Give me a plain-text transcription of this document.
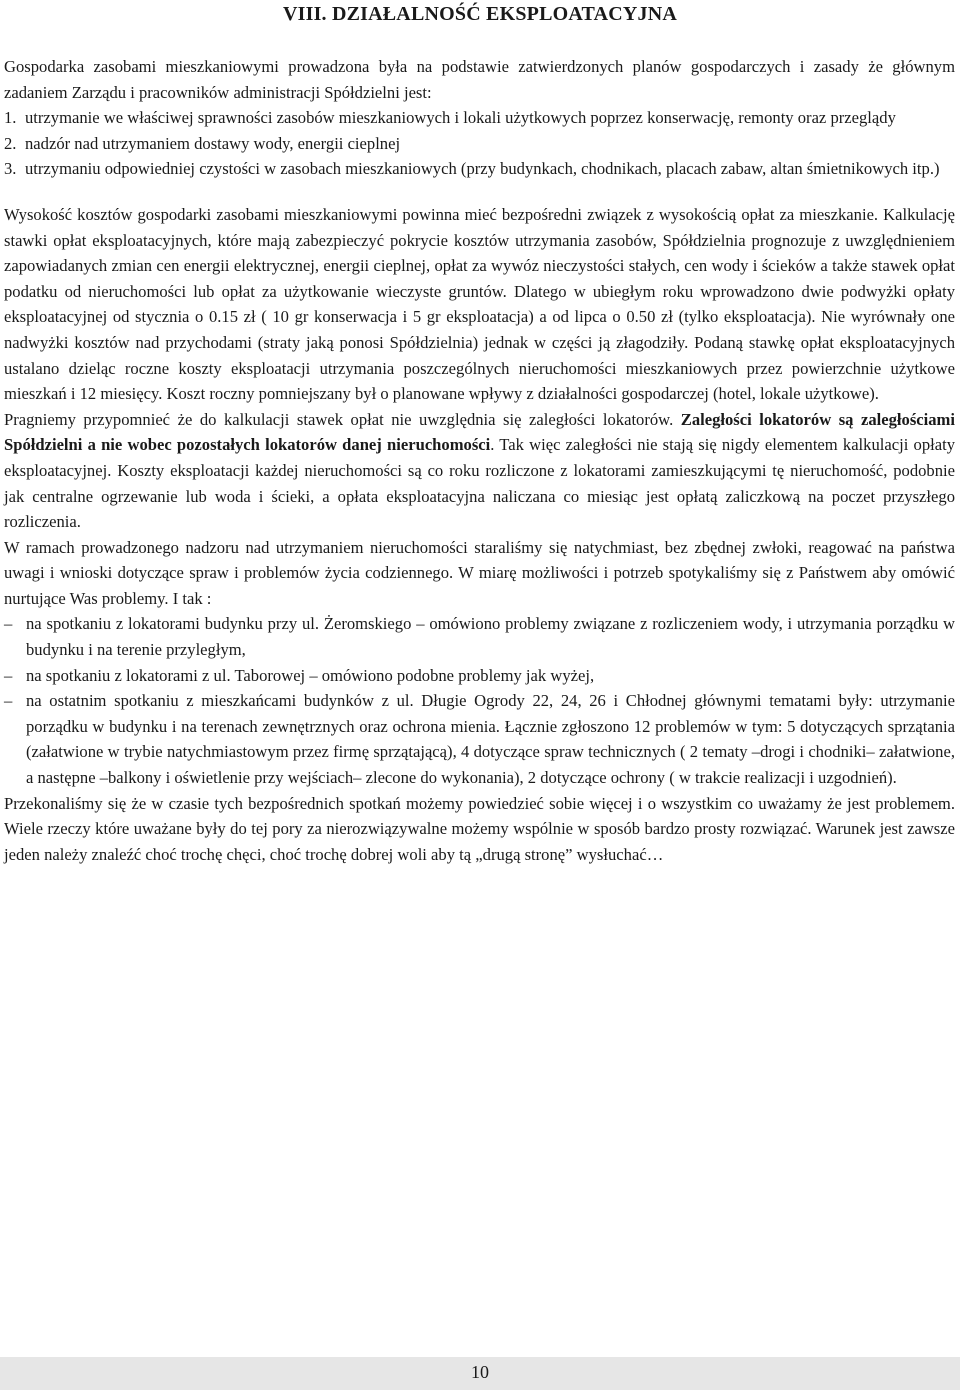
VIII. DZIAŁALNOŚĆ EKSPLOATACYJNA

Gospodarka zasobami mieszkaniowymi prowadzona była na podstawie zatwierdzonych planów gospodarczych i zasady że głównym zadaniem Zarządu i pracowników administracji Spółdzielni jest:

1. utrzymanie we właściwej sprawności zasobów mieszkaniowych i lokali użytkowych poprzez konserwację, remonty oraz przeglądy

2. nadzór nad utrzymaniem dostawy wody, energii cieplnej

3. utrzymaniu odpowiedniej czystości w zasobach mieszkaniowych (przy budynkach, chodnikach, placach zabaw, altan śmietnikowych itp.)

Wysokość kosztów gospodarki zasobami mieszkaniowymi powinna mieć bezpośredni związek z wysokością opłat za mieszkanie. Kalkulację stawki opłat eksploatacyjnych, które mają zabezpieczyć pokrycie kosztów utrzymania zasobów, Spółdzielnia prognozuje z uwzględnieniem zapowiadanych zmian cen energii elektrycznej, energii cieplnej, opłat za wywóz nieczystości stałych, cen wody i ścieków a także stawek opłat podatku od nieruchomości lub opłat za użytkowanie wieczyste gruntów. Dlatego w ubiegłym roku wprowadzono dwie podwyżki opłaty eksploatacyjnej od stycznia o 0.15 zł ( 10 gr konserwacja i 5 gr eksploatacja) a od lipca o 0.50 zł (tylko eksploatacja). Nie wyrównały one nadwyżki kosztów nad przychodami (straty jaką ponosi Spółdzielnia) jednak w części ją złagodziły. Podaną stawkę opłat eksploatacyjnych ustalano dzieląc roczne koszty eksploatacji utrzymania poszczególnych nieruchomości mieszkaniowych przez powierzchnie użytkowe mieszkań i 12 miesięcy. Koszt roczny pomniejszany był o planowane wpływy z działalności gospodarczej (hotel, lokale użytkowe).

Pragniemy przypomnieć że do kalkulacji stawek opłat nie uwzględnia się zaległości lokatorów. Zaległości lokatorów są zaległościami Spółdzielni a nie wobec pozostałych lokatorów danej nieruchomości. Tak więc zaległości nie stają się nigdy elementem kalkulacji opłaty eksploatacyjnej. Koszty eksploatacji każdej nieruchomości są co roku rozliczone z lokatorami zamieszkującymi tę nieruchomość, podobnie jak centralne ogrzewanie lub woda i ścieki, a opłata eksploatacyjna naliczana co miesiąc jest opłatą zaliczkową na poczet przyszłego rozliczenia.

W ramach prowadzonego nadzoru nad utrzymaniem nieruchomości staraliśmy się natychmiast, bez zbędnej zwłoki, reagować na państwa uwagi i wnioski dotyczące spraw i problemów życia codziennego. W miarę możliwości i potrzeb spotykaliśmy się z Państwem aby omówić nurtujące Was problemy. I tak :

– na spotkaniu z lokatorami budynku przy ul. Żeromskiego – omówiono problemy związane z rozliczeniem wody, i utrzymania porządku w budynku i na terenie przyległym,

– na spotkaniu z lokatorami z ul. Taborowej – omówiono podobne problemy jak wyżej,

– na ostatnim spotkaniu z mieszkańcami budynków z ul. Długie Ogrody 22, 24, 26 i Chłodnej głównymi tematami były: utrzymanie porządku w budynku i na terenach zewnętrznych oraz ochrona mienia. Łącznie zgłoszono 12 problemów w tym: 5 dotyczących sprzątania (załatwione w trybie natychmiastowym przez firmę sprzątającą), 4 dotyczące spraw technicznych ( 2 tematy –drogi i chodniki– załatwione, a następne –balkony i oświetlenie przy wejściach– zlecone do wykonania), 2 dotyczące ochrony ( w trakcie realizacji i uzgodnień).

Przekonaliśmy się że w czasie tych bezpośrednich spotkań możemy powiedzieć sobie więcej i o wszystkim co uważamy że jest problemem. Wiele rzeczy które uważane były do tej pory za nierozwiązywalne możemy wspólnie w sposób bardzo prosty rozwiązać. Warunek jest zawsze jeden należy znaleźć choć trochę chęci, choć trochę dobrej woli aby tą „drugą stronę” wysłuchać…

10
